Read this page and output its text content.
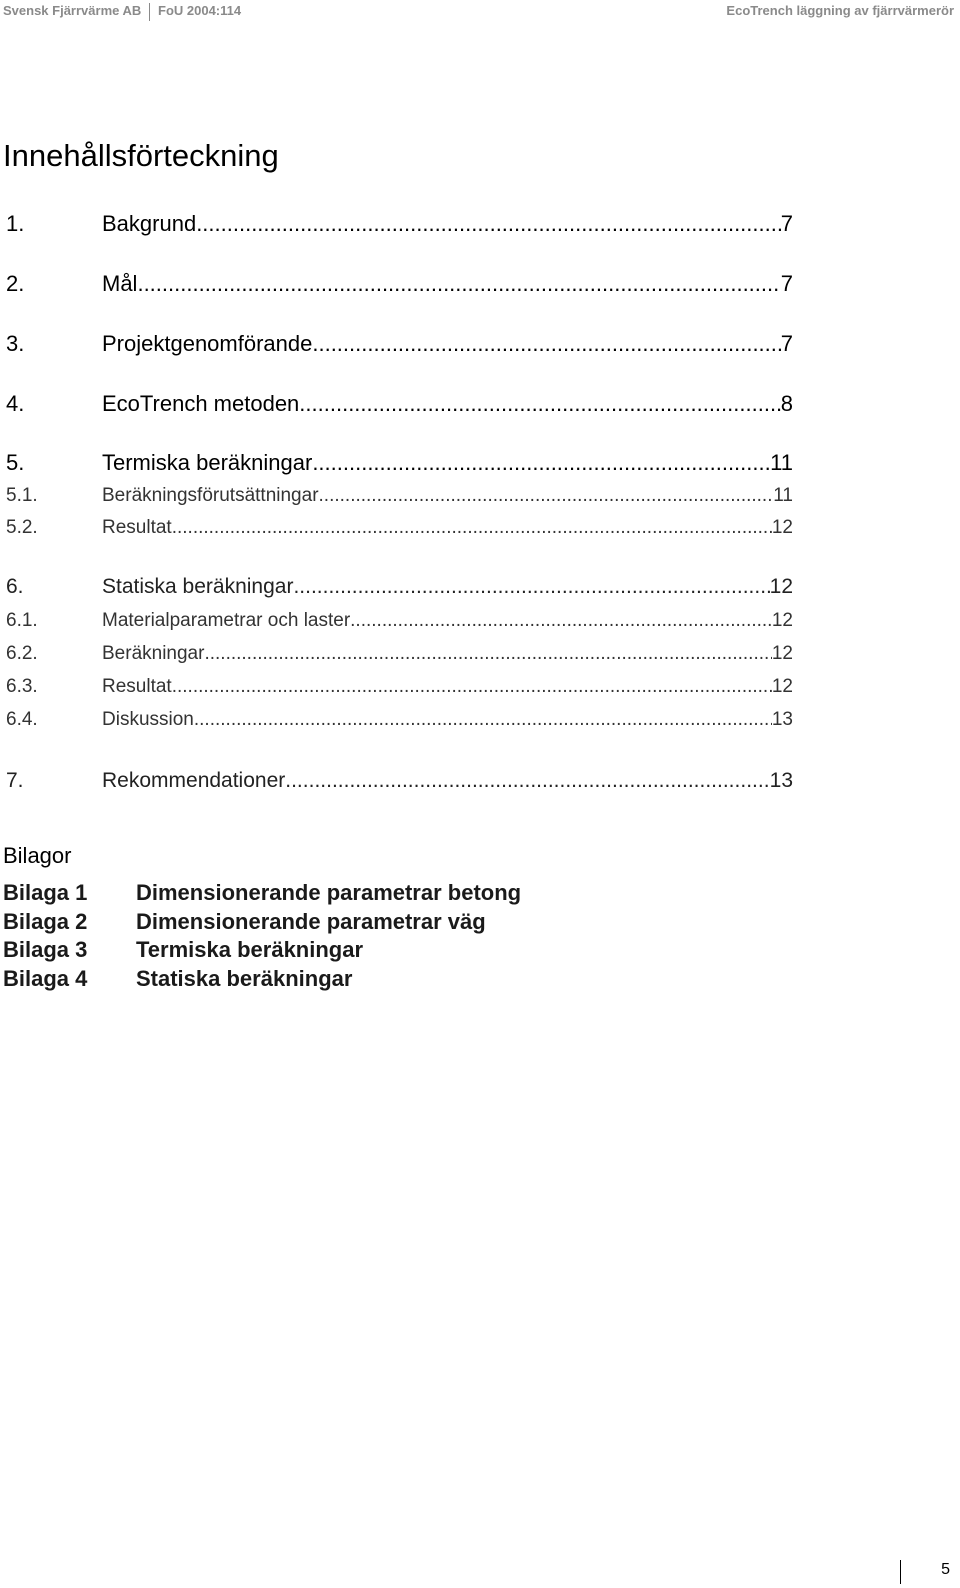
Svensk Fjärrvärme AB FoU 2004:114	EcoTrench läggning av fjärrvärmerör
Innehållsförteckning
1.	Bakgrund .....	7
2.	Mål .....	7
3.	Projektgenomförande .....	7
4.	EcoTrench metoden .....	8
5.	Termiska beräkningar .....	11
5.1.	Beräkningsförutsättningar .....	11
5.2.	Resultat .....	12
6.	Statiska beräkningar .....	12
6.1.	Materialparametrar och laster .....	12
6.2.	Beräkningar .....	12
6.3.	Resultat .....	12
6.4.	Diskussion .....	13
7.	Rekommendationer .....	13
Bilagor
Bilaga 1 Dimensionerande parametrar betong
Bilaga 2 Dimensionerande parametrar väg
Bilaga 3 Termiska beräkningar
Bilaga 4 Statiska beräkningar
5
